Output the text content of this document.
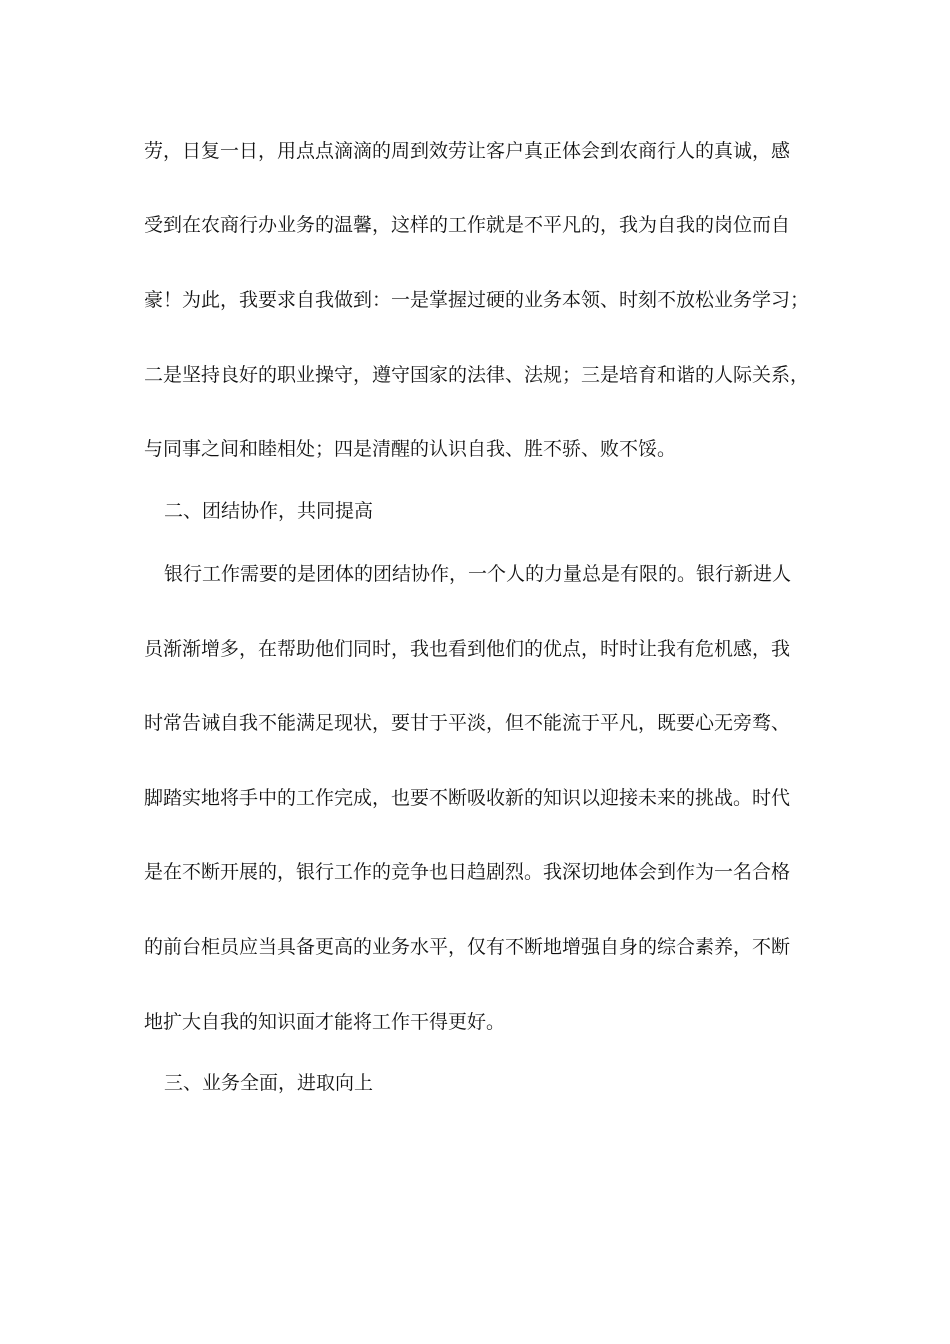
劳，日复一日，用点点滴滴的周到效劳让客户真正体会到农商行人的真诚，感
受到在农商行办业务的温馨，这样的工作就是不平凡的，我为自我的岗位而自
豪！为此，我要求自我做到：一是掌握过硬的业务本领、时刻不放松业务学习；
二是坚持良好的职业操守，遵守国家的法律、法规；三是培育和谐的人际关系，
与同事之间和睦相处；四是清醒的认识自我、胜不骄、败不馁。
二、团结协作，共同提高
银行工作需要的是团体的团结协作，一个人的力量总是有限的。银行新进人
员渐渐增多，在帮助他们同时，我也看到他们的优点，时时让我有危机感，我
时常告诫自我不能满足现状，要甘于平淡，但不能流于平凡，既要心无旁骛、
脚踏实地将手中的工作完成，也要不断吸收新的知识以迎接未来的挑战。时代
是在不断开展的，银行工作的竞争也日趋剧烈。我深切地体会到作为一名合格
的前台柜员应当具备更高的业务水平，仅有不断地增强自身的综合素养，不断
地扩大自我的知识面才能将工作干得更好。
三、业务全面，进取向上
